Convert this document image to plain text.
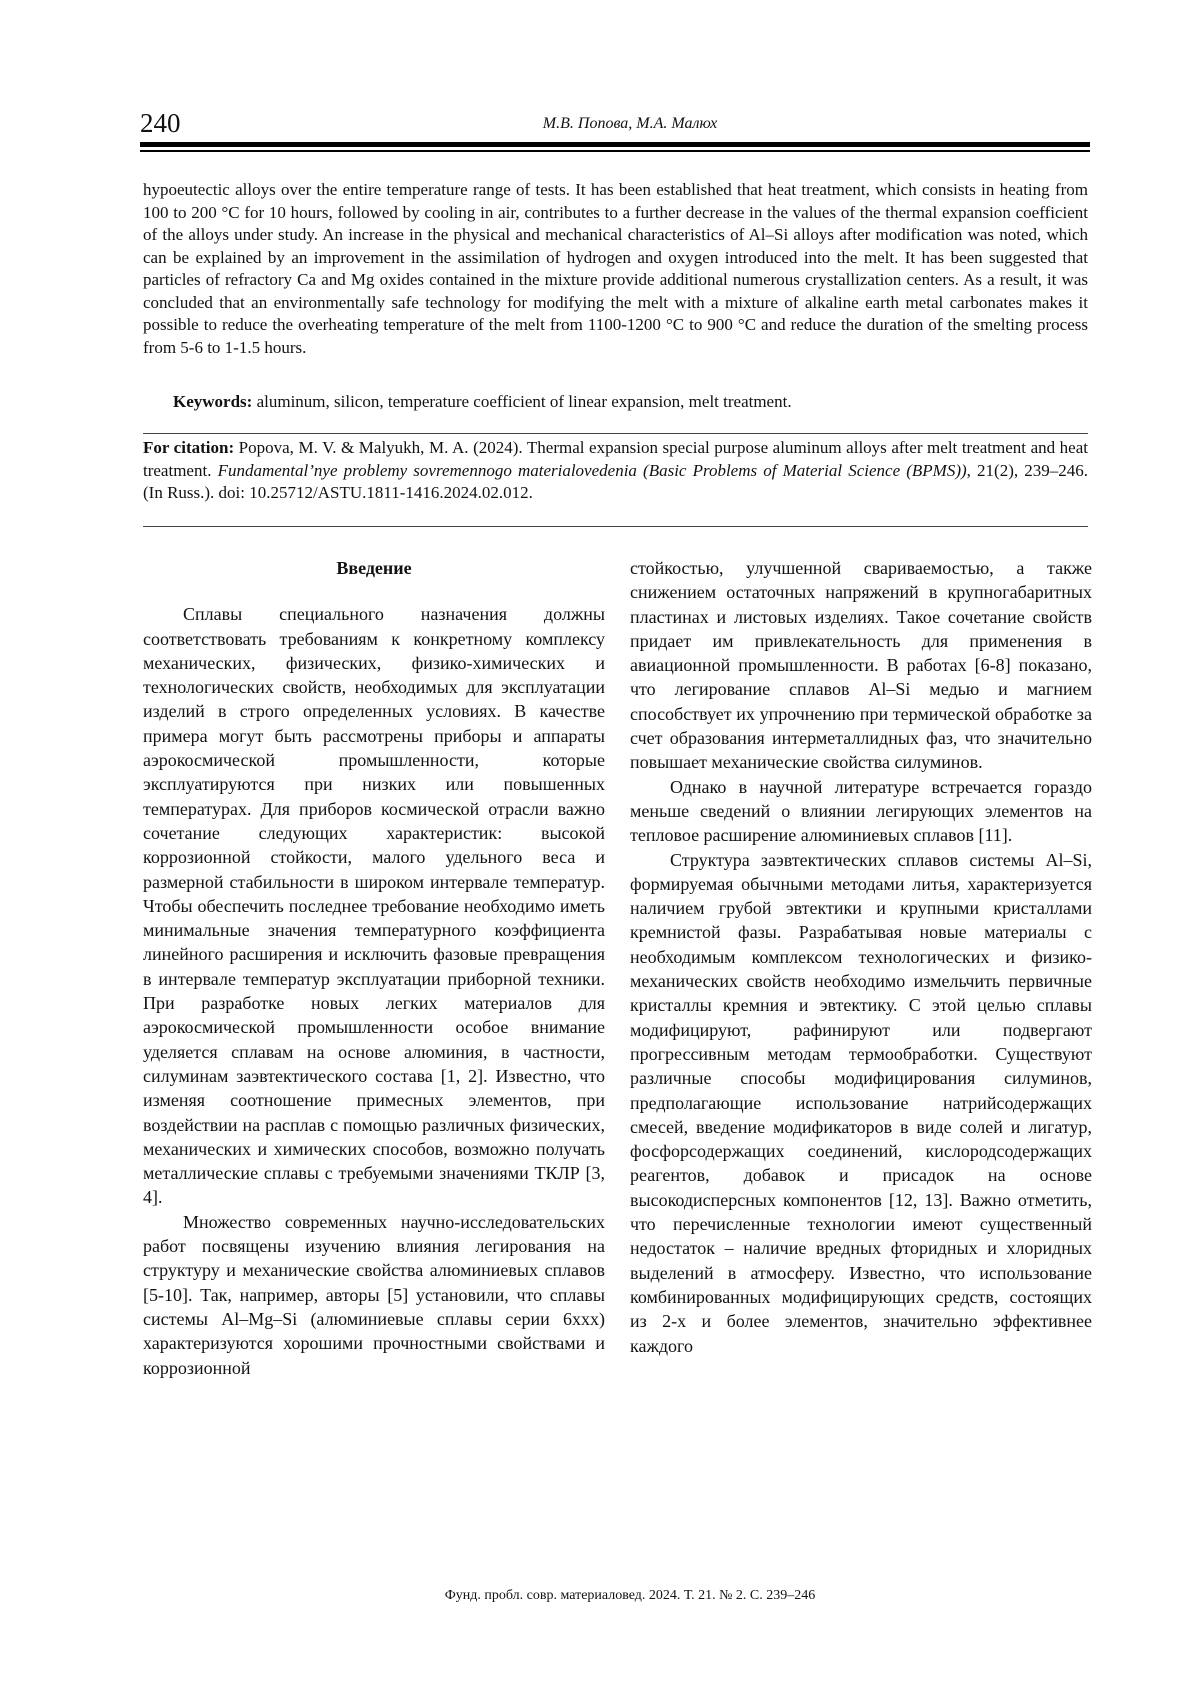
240	М.В. Попова, М.А. Малюх

hypoeutectic alloys over the entire temperature range of tests. It has been established that heat treatment, which consists in heating from 100 to 200 °C for 10 hours, followed by cooling in air, contributes to a further decrease in the values of the thermal expansion coefficient of the alloys under study. An increase in the physical and mechanical characteristics of Al–Si alloys after modification was noted, which can be explained by an improvement in the assimilation of hydrogen and oxygen introduced into the melt. It has been suggested that particles of refractory Ca and Mg oxides contained in the mixture provide additional numerous crystallization centers. As a result, it was concluded that an environmentally safe technology for modifying the melt with a mixture of alkaline earth metal carbonates makes it possible to reduce the overheating temperature of the melt from 1100-1200 °C to 900 °C and reduce the duration of the smelting process from 5-6 to 1-1.5 hours.

Keywords: aluminum, silicon, temperature coefficient of linear expansion, melt treatment.

For citation: Popova, M. V. & Malyukh, M. A. (2024). Thermal expansion special purpose aluminum alloys after melt treatment and heat treatment. Fundamental’nye problemy sovremennogo materialovedenia (Basic Problems of Material Science (BPMS)), 21(2), 239–246. (In Russ.). doi: 10.25712/ASTU.1811-1416.2024.02.012.

Введение

Сплавы специального назначения должны соответствовать требованиям к конкретному комплексу механических, физических, физико-химических и технологических свойств, необходимых для эксплуатации изделий в строго определенных условиях. В качестве примера могут быть рассмотрены приборы и аппараты аэрокосмической промышленности, которые эксплуатируются при низких или повышенных температурах. Для приборов космической отрасли важно сочетание следующих характеристик: высокой коррозионной стойкости, малого удельного веса и размерной стабильности в широком интервале температур. Чтобы обеспечить последнее требование необходимо иметь минимальные значения температурного коэффициента линейного расширения и исключить фазовые превращения в интервале температур эксплуатации приборной техники. При разработке новых легких материалов для аэрокосмической промышленности особое внимание уделяется сплавам на основе алюминия, в частности, силуминам заэвтектического состава [1, 2]. Известно, что изменяя соотношение примесных элементов, при воздействии на расплав с помощью различных физических, механических и химических способов, возможно получать металлические сплавы с требуемыми значениями ТКЛР [3, 4].

Множество современных научно-исследовательских работ посвящены изучению влияния легирования на структуру и механические свойства алюминиевых сплавов [5-10]. Так, например, авторы [5] установили, что сплавы системы Al–Mg–Si (алюминиевые сплавы серии 6xxx) характеризуются хорошими прочностными свойствами и коррозионной

стойкостью, улучшенной свариваемостью, а также снижением остаточных напряжений в крупногабаритных пластинах и листовых изделиях. Такое сочетание свойств придает им привлекательность для применения в авиационной промышленности. В работах [6-8] показано, что легирование сплавов Al–Si медью и магнием способствует их упрочнению при термической обработке за счет образования интерметаллидных фаз, что значительно повышает механические свойства силуминов.

Однако в научной литературе встречается гораздо меньше сведений о влиянии легирующих элементов на тепловое расширение алюминиевых сплавов [11].

Структура заэвтектических сплавов системы Al–Si, формируемая обычными методами литья, характеризуется наличием грубой эвтектики и крупными кристаллами кремнистой фазы. Разрабатывая новые материалы с необходимым комплексом технологических и физико-механических свойств необходимо измельчить первичные кристаллы кремния и эвтектику. С этой целью сплавы модифицируют, рафинируют или подвергают прогрессивным методам термообработки. Существуют различные способы модифицирования силуминов, предполагающие использование натрийсодержащих смесей, введение модификаторов в виде солей и лигатур, фосфорсодержащих соединений, кислородсодержащих реагентов, добавок и присадок на основе высокодисперсных компонентов [12, 13]. Важно отметить, что перечисленные технологии имеют существенный недостаток – наличие вредных фторидных и хлоридных выделений в атмосферу. Известно, что использование комбинированных модифицирующих средств, состоящих из 2-х и более элементов, значительно эффективнее каждого

Фунд. пробл. совр. материаловед. 2024. Т. 21. № 2. С. 239–246
